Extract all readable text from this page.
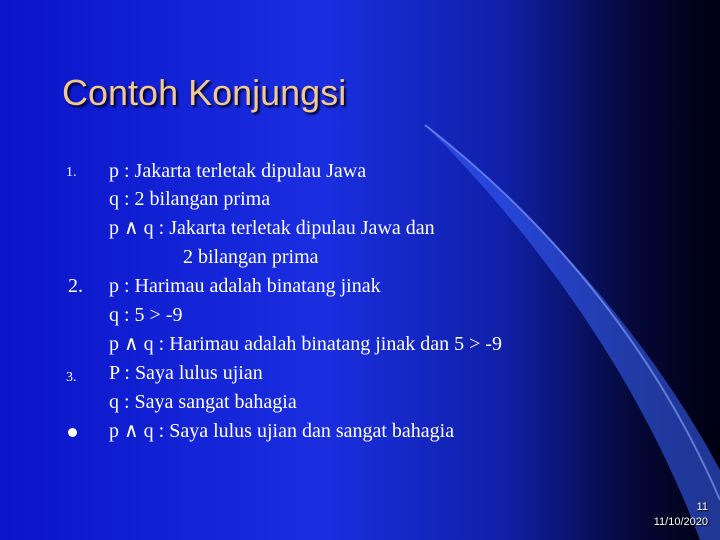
Contoh Konjungsi
1.
2.
3.
p : Jakarta terletak dipulau Jawa
q : 2 bilangan prima
p ∧ q : Jakarta terletak dipulau Jawa dan
2 bilangan prima
p : Harimau adalah binatang jinak
q : 5 > -9
p ∧ q : Harimau adalah binatang jinak dan 5 > -9
P : Saya lulus ujian
q : Saya sangat bahagia
p ∧ q : Saya lulus ujian dan sangat bahagia
11
11/10/2020
